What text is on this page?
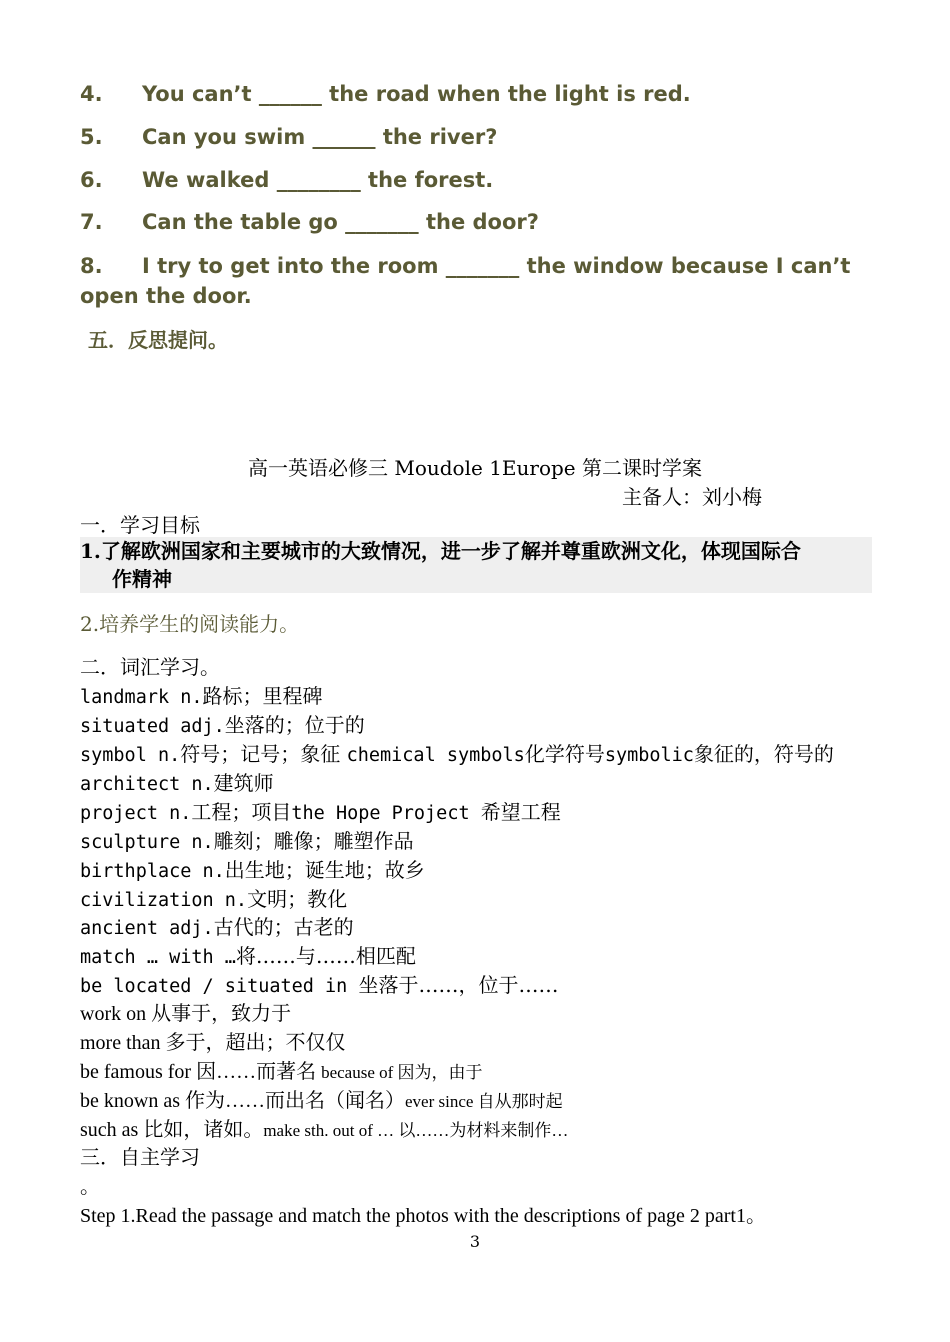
4. You can’t ______ the road when the light is red.
5. Can you swim ______ the river?
6. We walked ________ the forest.
7. Can the table go _______ the door?
8. I try to get into the room _______ the window because I can’t open the door.
五．反思提问。
高一英语必修三 Moudole 1Europe 第二课时学案
主备人：刘小梅
一．学习目标
1.了解欧洲国家和主要城市的大致情况，进一步了解并尊重欧洲文化，体现国际合
作精神
2.培养学生的阅读能力。
二．词汇学习。
landmark n.路标；里程碑
situated adj.坐落的；位于的
symbol n.符号；记号；象征 chemical symbols化学符号symbolic象征的，符号的
architect n.建筑师
project n.工程；项目the Hope Project 希望工程
sculpture n.雕刻；雕像；雕塑作品
birthplace n.出生地；诞生地；故乡
civilization n.文明；教化
ancient adj.古代的；古老的
match … with …将……与……相匹配
be located / situated in 坐落于……，位于……
work on 从事于，致力于
more than 多于，超出；不仅仅
be famous for 因……而著名 because of 因为，由于
be known as 作为……而出名（闻名）ever since 自从那时起
such as 比如，诸如。make sth. out of … 以……为材料来制作…
三．自主学习
。
Step 1.Read the passage and match the photos with the descriptions of page 2 part1。
3
